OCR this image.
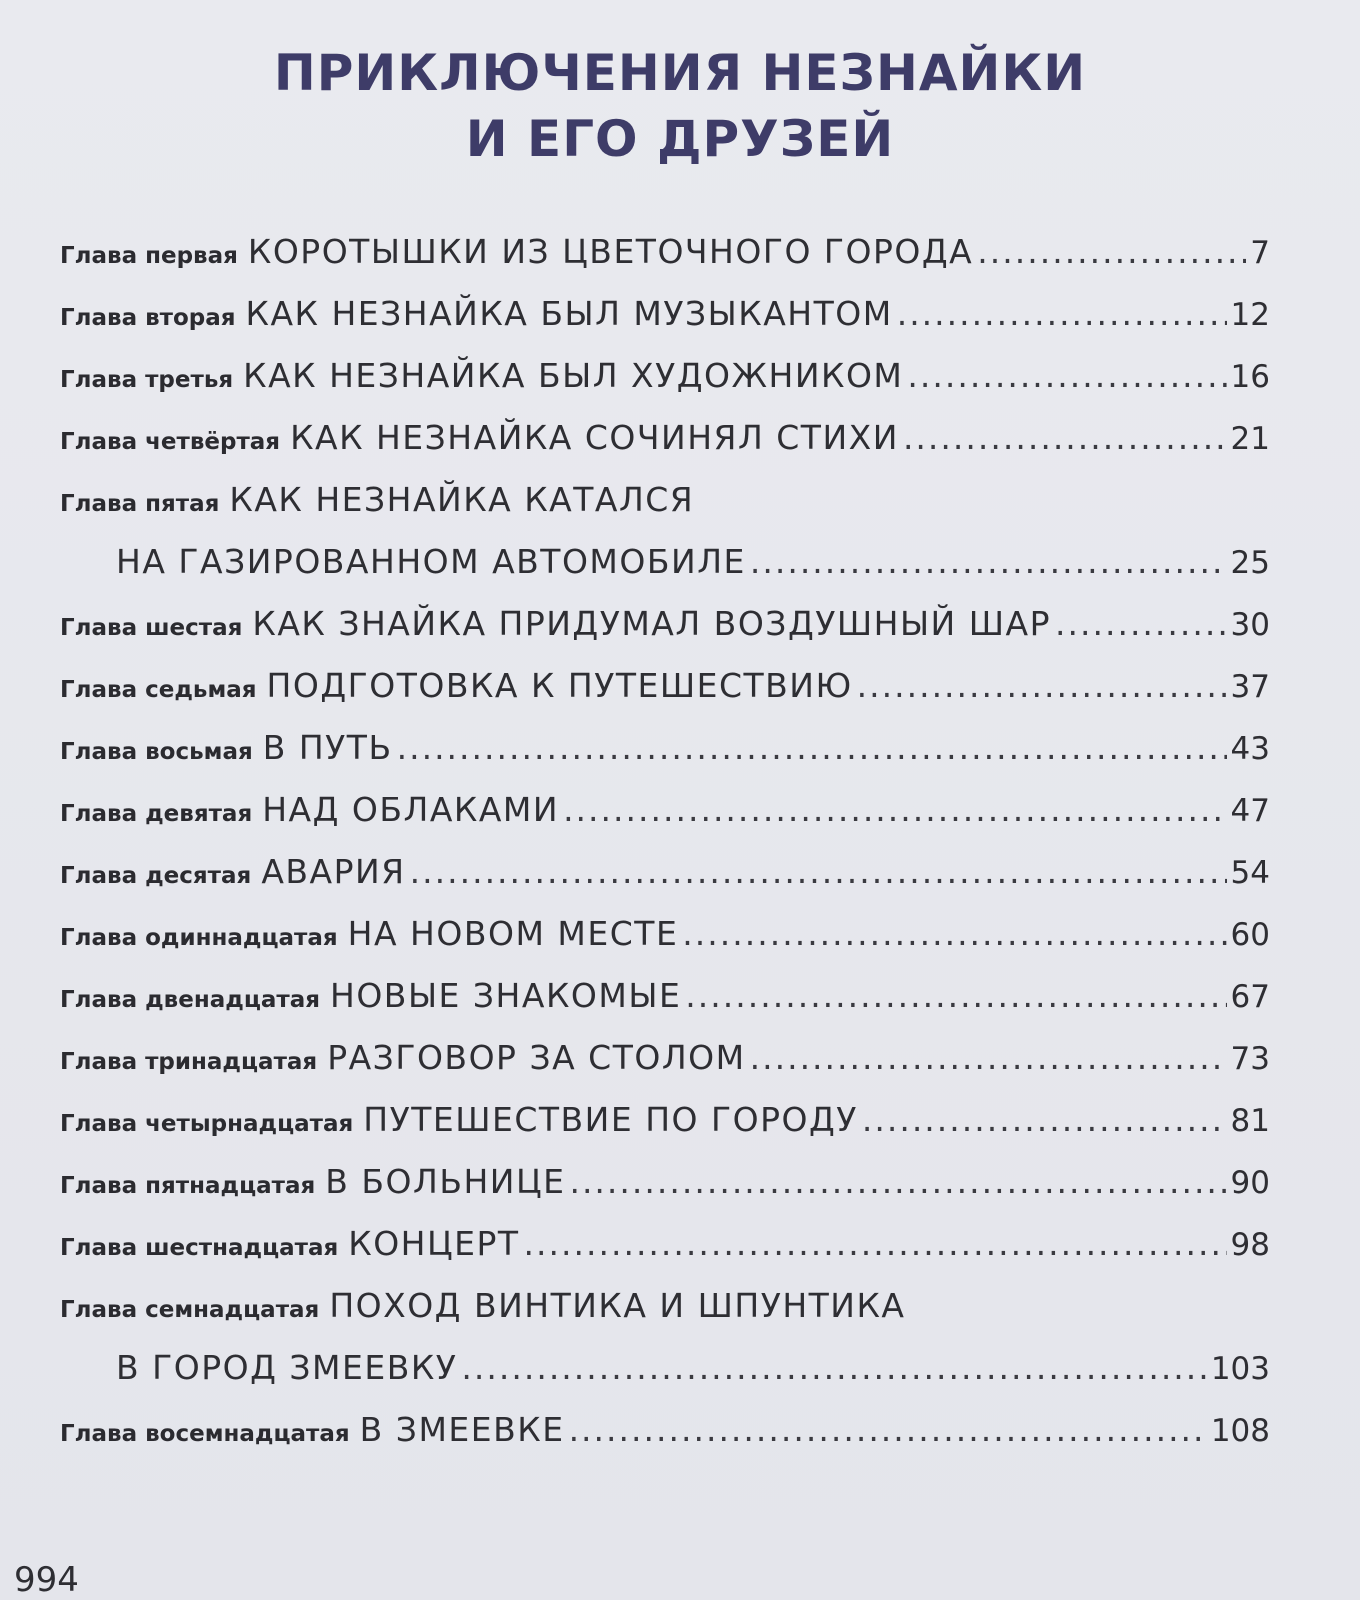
ПРИКЛЮЧЕНИЯ НЕЗНАЙКИ
И ЕГО ДРУЗЕЙ
Глава первая КОРОТЫШКИ ИЗ ЦВЕТОЧНОГО ГОРОДА .....	7
Глава вторая КАК НЕЗНАЙКА БЫЛ МУЗЫКАНТОМ .....	12
Глава третья КАК НЕЗНАЙКА БЫЛ ХУДОЖНИКОМ .....	16
Глава четвёртая КАК НЕЗНАЙКА СОЧИНЯЛ СТИХИ .....	21
Глава пятая КАК НЕЗНАЙКА КАТАЛСЯ
НА ГАЗИРОВАННОМ АВТОМОБИЛЕ .....	25
Глава шестая КАК ЗНАЙКА ПРИДУМАЛ ВОЗДУШНЫЙ ШАР .....	30
Глава седьмая ПОДГОТОВКА К ПУТЕШЕСТВИЮ .....	37
Глава восьмая В ПУТЬ .....	43
Глава девятая НАД ОБЛАКАМИ .....	47
Глава десятая АВАРИЯ .....	54
Глава одиннадцатая НА НОВОМ МЕСТЕ .....	60
Глава двенадцатая НОВЫЕ ЗНАКОМЫЕ .....	67
Глава тринадцатая РАЗГОВОР ЗА СТОЛОМ .....	73
Глава четырнадцатая ПУТЕШЕСТВИЕ ПО ГОРОДУ .....	81
Глава пятнадцатая В БОЛЬНИЦЕ .....	90
Глава шестнадцатая КОНЦЕРТ .....	98
Глава семнадцатая ПОХОД ВИНТИКА И ШПУНТИКА
В ГОРОД ЗМЕЕВКУ .....	103
Глава восемнадцатая В ЗМЕЕВКЕ .....	108
994
